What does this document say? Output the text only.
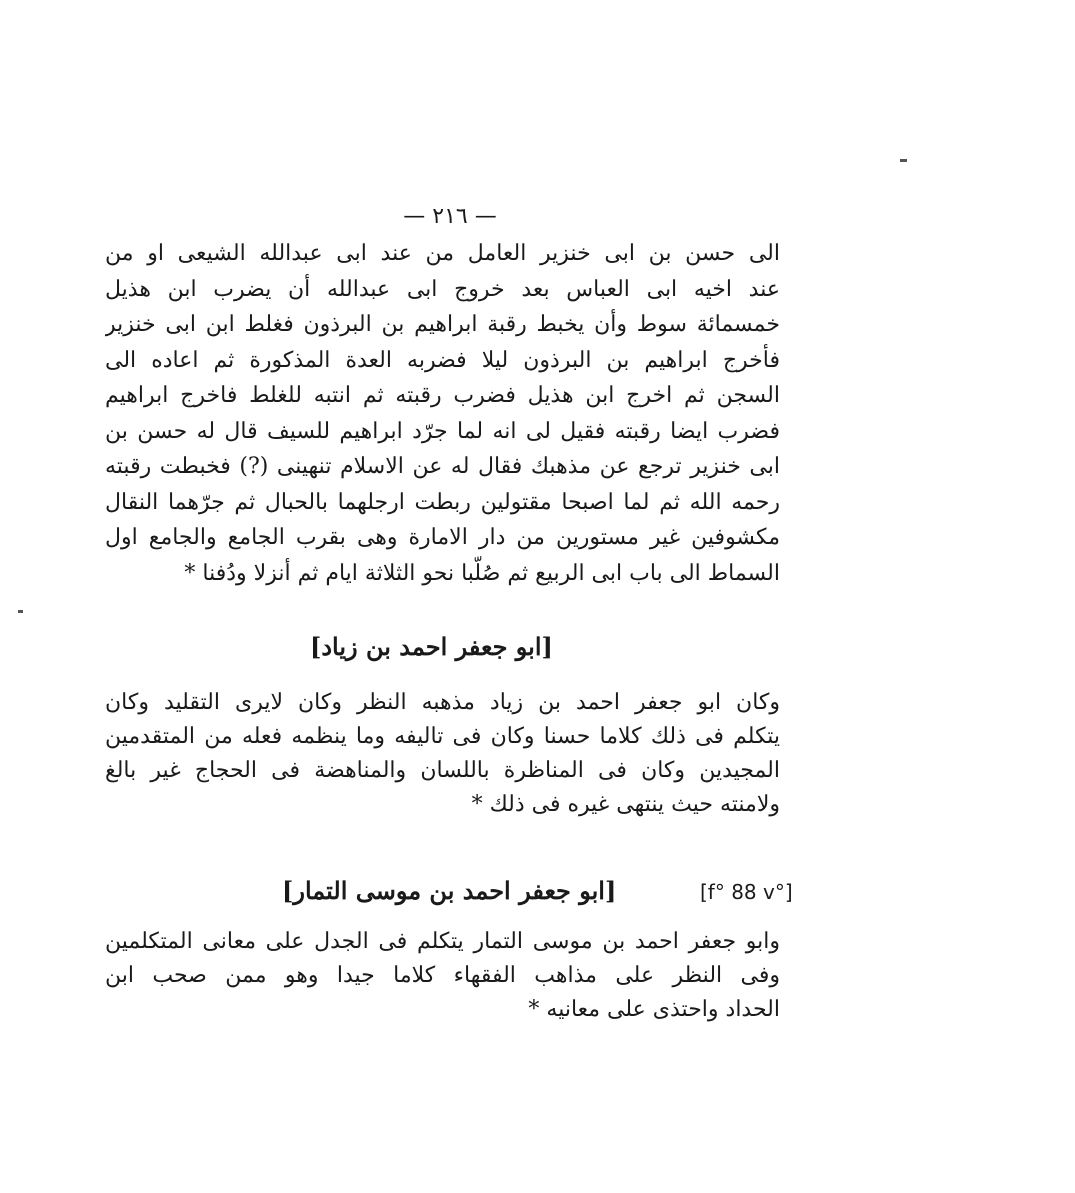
— ٢١٦ —
الى حسن بن ابى خنزير العامل من عند ابى عبدالله الشيعى او من
عند اخيه ابى العباس بعد خروج ابى عبدالله أن يضرب ابن هذيل
خمسمائة سوط وأن يخبط رقبة ابراهيم بن البرذون فغلط ابن ابى خنزير
فأخرج ابراهيم بن البرذون ليلا فضربه العدة المذكورة ثم اعاده الى
السجن ثم اخرج ابن هذيل فضرب رقبته ثم انتبه للغلط فاخرج ابراهيم
فضرب ايضا رقبته فقيل لى انه لما جرّد ابراهيم للسيف قال له حسن بن
ابى خنزير ترجع عن مذهبك فقال له عن الاسلام تنهينى (?) فخبطت رقبته
رحمه الله ثم لما اصبحا مقتولين ربطت ارجلهما بالحبال ثم جرّهما النقال
مكشوفين غير مستورين من دار الامارة وهى بقرب الجامع والجامع اول
السماط الى باب ابى الربيع ثم صُلّبا نحو الثلاثة ايام ثم أنزلا ودُفنا *
[ابو جعفر احمد بن زياد]
وكان ابو جعفر احمد بن زياد مذهبه النظر وكان لايرى التقليد وكان
يتكلم فى ذلك كلاما حسنا وكان فى تاليفه وما ينظمه فعله من المتقدمين
المجيدين وكان فى المناظرة باللسان والمناهضة فى الحجاج غير بالغ
ولامنته حيث ينتهى غيره فى ذلك *
[f° 88 v°]
[ابو جعفر احمد بن موسى التمار]
وابو جعفر احمد بن موسى التمار يتكلم فى الجدل على معانى المتكلمين
وفى النظر على مذاهب الفقهاء كلاما جيدا وهو ممن صحب ابن
الحداد واحتذى على معانيه *
